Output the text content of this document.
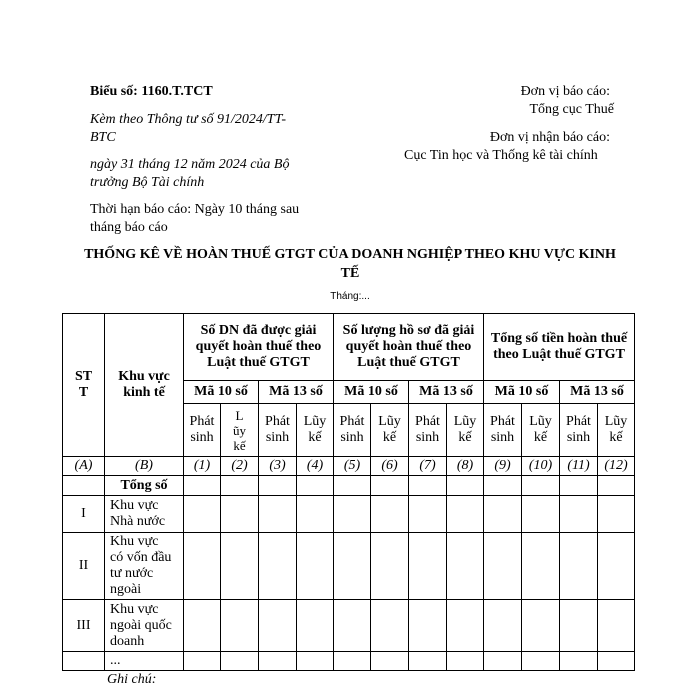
Biểu số: 1160.T.TCT
Kèm theo Thông tư số 91/2024/TT-
BTC
ngày 31 tháng 12 năm 2024 của Bộ
trưởng Bộ Tài chính
Thời hạn báo cáo: Ngày 10 tháng sau
tháng báo cáo
Đơn vị báo cáo:
Tổng cục Thuế
Đơn vị nhận báo cáo:
Cục Tin học và Thống kê tài chính
THỐNG KÊ VỀ HOÀN THUẾ GTGT CỦA DOANH NGHIỆP THEO KHU VỰC KINH
TẾ
Tháng:...
STT	Khu vực kinh tế	Số DN đã được giải quyết hoàn thuế theo Luật thuế GTGT				Số lượng hồ sơ đã giải quyết hoàn thuế theo Luật thuế GTGT				Tổng số tiền hoàn thuế theo Luật thuế GTGT			

		Mã 10 số		Mã 13 số		Mã 10 số		Mã 13 số		Mã 10 số		Mã 13 số	
		Phát sinh	Lũy kế	Phát sinh	Lũy kế	Phát sinh	Lũy kế	Phát sinh	Lũy kế	Phát sinh	Lũy kế	Phát sinh	Lũy kế
(A)	(B)	(1)	(2)	(3)	(4)	(5)	(6)	(7)	(8)	(9)	(10)	(11)	(12)
	Tổng số												
I	Khu vực Nhà nước												
II	Khu vực có vốn đầu tư nước ngoài												

III	Khu vực ngoài quốc doanh												

	...												
Ghi chú:
